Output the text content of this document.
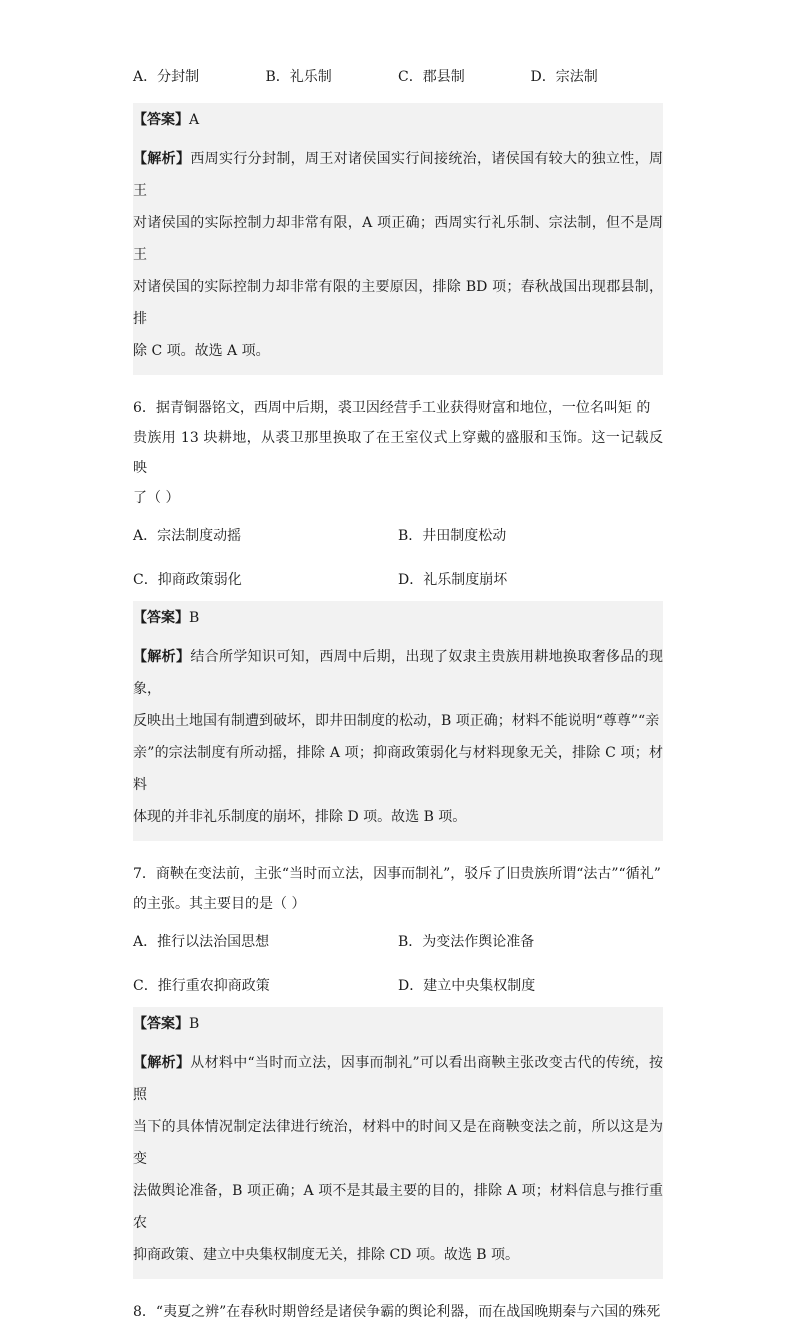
A．分封制	B．礼乐制	C．郡县制	D．宗法制
【答案】A
【解析】西周实行分封制，周王对诸侯国实行间接统治，诸侯国有较大的独立性，周王
对诸侯国的实际控制力却非常有限，A 项正确；西周实行礼乐制、宗法制，但不是周王
对诸侯国的实际控制力却非常有限的主要原因，排除 BD 项；春秋战国出现郡县制，排
除 C 项。故选 A 项。
6．据青铜器铭文，西周中后期，裘卫因经营手工业获得财富和地位，一位名叫矩 的
贵族用 13 块耕地，从裘卫那里换取了在王室仪式上穿戴的盛服和玉饰。这一记载反映
了（ ）
A．宗法制度动摇	B．井田制度松动
C．抑商政策弱化	D．礼乐制度崩坏
【答案】B
【解析】结合所学知识可知，西周中后期，出现了奴隶主贵族用耕地换取奢侈品的现象，
反映出土地国有制遭到破坏，即井田制度的松动，B 项正确；材料不能说明“尊尊”“亲
亲”的宗法制度有所动摇，排除 A 项；抑商政策弱化与材料现象无关，排除 C 项；材料
体现的并非礼乐制度的崩坏，排除 D 项。故选 B 项。
7．商鞅在变法前，主张“当时而立法，因事而制礼”，驳斥了旧贵族所谓“法古”“循礼”
的主张。其主要目的是（ ）
A．推行以法治国思想	B．为变法作舆论准备
C．推行重农抑商政策	D．建立中央集权制度
【答案】B
【解析】从材料中“当时而立法，因事而制礼”可以看出商鞅主张改变古代的传统，按照
当下的具体情况制定法律进行统治，材料中的时间又是在商鞅变法之前，所以这是为变
法做舆论准备，B 项正确；A 项不是其最主要的目的，排除 A 项；材料信息与推行重农
抑商政策、建立中央集权制度无关，排除 CD 项。故选 B 项。
8．“夷夏之辨”在春秋时期曾经是诸侯争霸的舆论利器，而在战国晚期秦与六国的殊死
